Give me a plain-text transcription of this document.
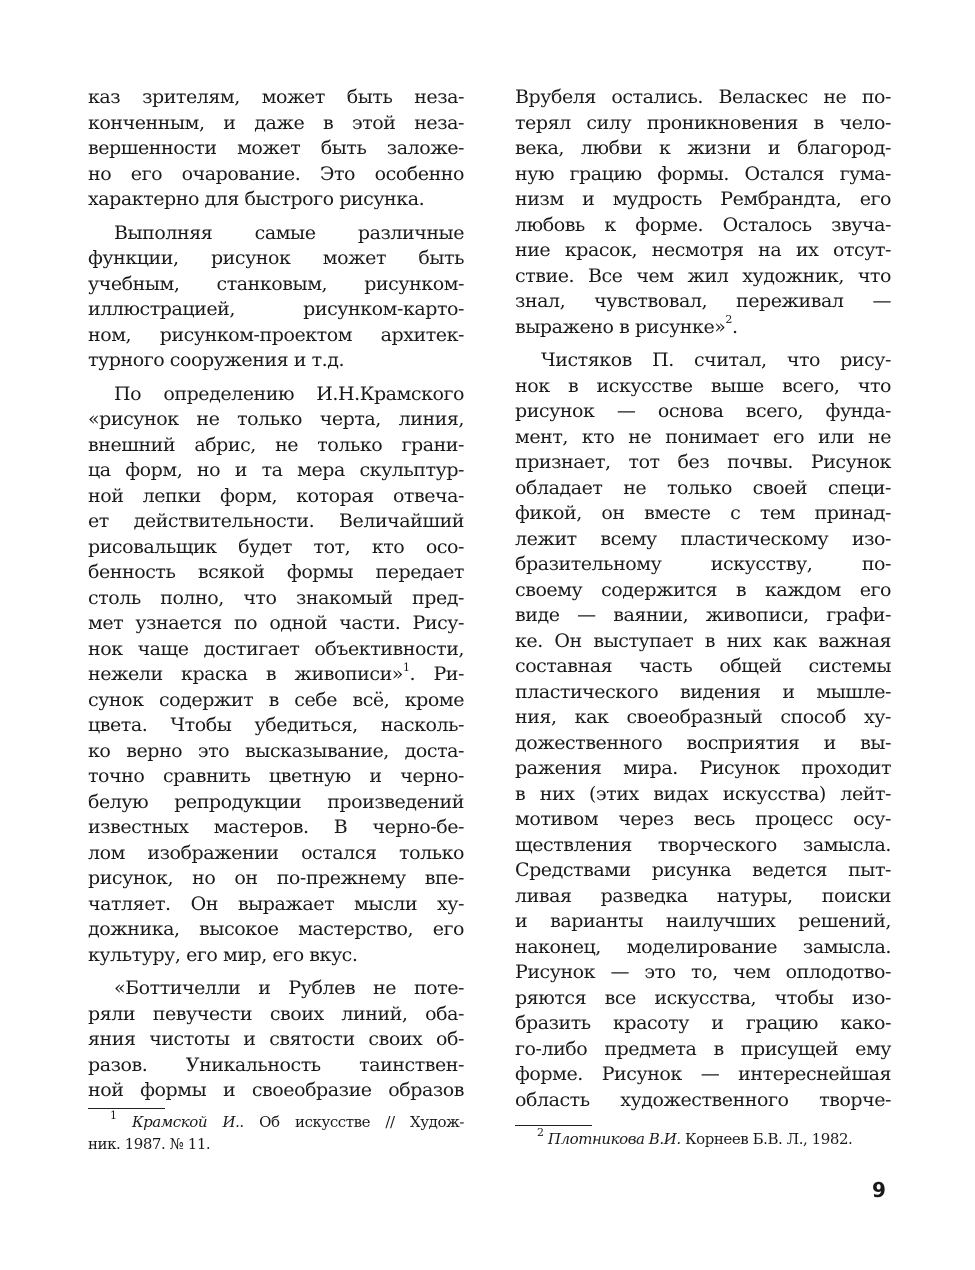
каз зрителям, может быть неза-
конченным, и даже в этой неза-
вершенности может быть заложе-
но его очарование. Это особенно
характерно для быстрого рисунка.
Выполняя самые различные
функции, рисунок может быть
учебным, станковым, рисунком-
иллюстрацией, рисунком-карто-
ном, рисунком-проектом архитек-
турного сооружения и т.д.
По определению И.Н.Крамского
«рисунок не только черта, линия,
внешний абрис, не только грани-
ца форм, но и та мера скульптур-
ной лепки форм, которая отвеча-
ет действительности. Величайший
рисовальщик будет тот, кто осо-
бенность всякой формы передает
столь полно, что знакомый пред-
мет узнается по одной части. Рису-
нок чаще достигает объективности,
нежели краска в живописи»$^1$. Ри-
сунок содержит в себе всё, кроме
цвета. Чтобы убедиться, насколь-
ко верно это высказывание, доста-
точно сравнить цветную и черно-
белую репродукции произведений
известных мастеров. В черно-бе-
лом изображении остался только
рисунок, но он по-прежнему впе-
чатляет. Он выражает мысли ху-
дожника, высокое мастерство, его
культуру, его мир, его вкус.
«Боттичелли и Рублев не поте-
ряли певучести своих линий, оба-
яния чистоты и святости своих об-
разов. Уникальность таинствен-
ной формы и своеобразие образов
Врубеля остались. Веласкес не по-
терял силу проникновения в чело-
века, любви к жизни и благород-
ную грацию формы. Остался гума-
низм и мудрость Рембрандта, его
любовь к форме. Осталось звуча-
ние красок, несмотря на их отсут-
ствие. Все чем жил художник, что
знал, чувствовал, переживал —
выражено в рисунке»$^2$.
Чистяков П. считал, что рису-
нок в искусстве выше всего, что
рисунок — основа всего, фунда-
мент, кто не понимает его или не
признает, тот без почвы. Рисунок
обладает не только своей специ-
фикой, он вместе с тем принад-
лежит всему пластическому изо-
бразительному искусству, по-
своему содержится в каждом его
виде — ваянии, живописи, графи-
ке. Он выступает в них как важная
составная часть общей системы
пластического видения и мышле-
ния, как своеобразный способ ху-
дожественного восприятия и вы-
ражения мира. Рисунок проходит
в них (этих видах искусства) лейт-
мотивом через весь процесс осу-
ществления творческого замысла.
Средствами рисунка ведется пыт-
ливая разведка натуры, поиски
и варианты наилучших решений,
наконец, моделирование замысла.
Рисунок — это то, чем оплодотво-
ряются все искусства, чтобы изо-
бразить красоту и грацию како-
го-либо предмета в присущей ему
форме. Рисунок — интереснейшая
область художественного творче-
$^1$ Крамской И.. Об искусстве // Худож-
ник. 1987. № 11.
$^2$ Плотникова В.И. Корнеев Б.В. Л., 1982.
9
